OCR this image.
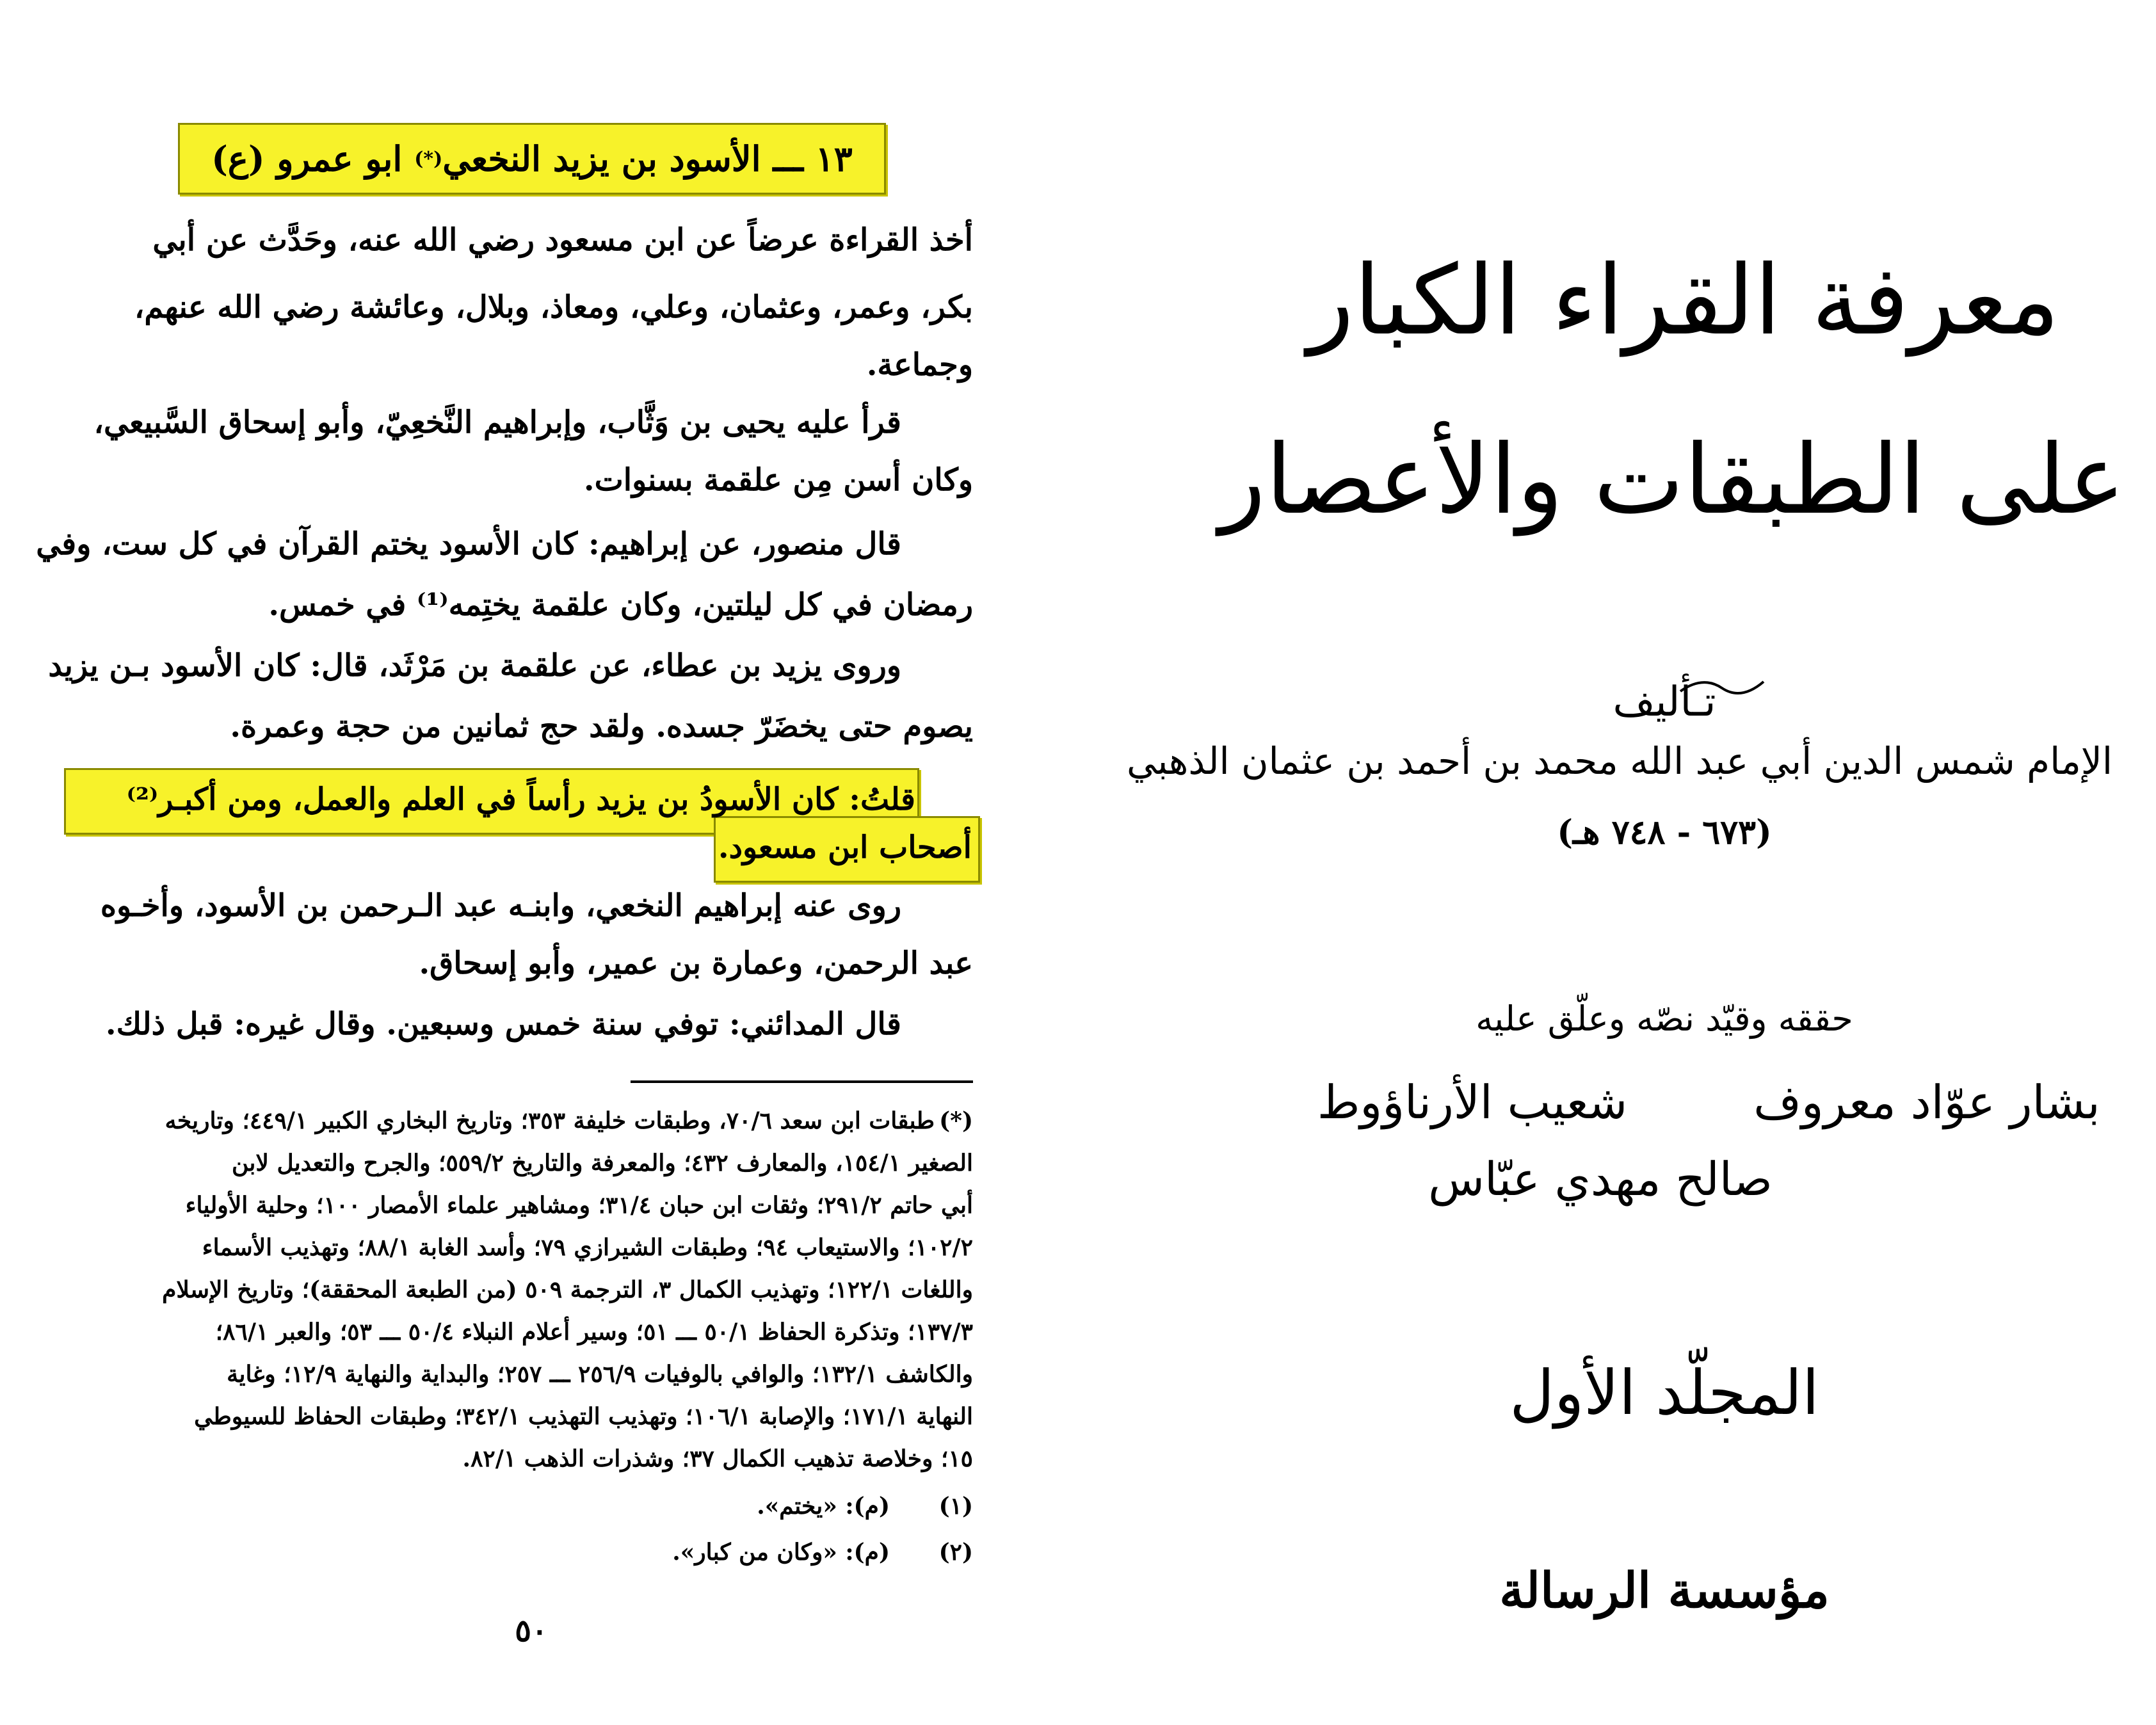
١٣

ـــ

الأسود بن يزيد النخعي
(*)

ابو عمرو (ع)
أخذ القراءة عرضاً عن ابن مسعود رضي الله عنه، وحَدَّث عن أبي
بكر، وعمر، وعثمان، وعلي، ومعاذ، وبلال، وعائشة رضي الله عنهم،
وجماعة.
قرأ عليه يحيى بن وَثَّاب، وإبراهيم النَّخعِيّ، وأبو إسحاق السَّبيعي،
وكان أسن مِن علقمة بسنوات.
قال منصور، عن إبراهيم: كان الأسود يختم القرآن في كل ست، وفي
رمضان في كل ليلتين، وكان علقمة يختِمه⁽¹⁾ في خمس.
وروى يزيد بن عطاء، عن علقمة بن مَرْثَد، قال: كان الأسود بـن يزيد
يصوم حتى يخضَرّ جسده. ولقد حج ثمانين من حجة وعمرة.
قلتُ: كان الأسودُ بن يزيد رأساً في العلم والعمل، ومن أكبـر⁽²⁾
أصحاب ابن مسعود.
روى عنه إبراهيم النخعي، وابنـه عبد الـرحمن بن الأسود، وأخـوه
عبد الرحمن، وعمارة بن عمير، وأبو إسحاق.
قال المدائني: توفي سنة خمس وسبعين. وقال غيره: قبل ذلك.
(*)
طبقات ابن سعد ٧٠/٦، وطبقات خليفة ٣٥٣؛ وتاريخ البخاري الكبير ٤٤٩/١؛ وتاريخه
الصغير ١٥٤/١، والمعارف ٤٣٢؛ والمعرفة والتاريخ ٥٥٩/٢؛ والجرح والتعديل لابن
أبي حاتم ٢٩١/٢؛ وثقات ابن حبان ٣١/٤؛ ومشاهير علماء الأمصار ١٠٠؛ وحلية الأولياء
١٠٢/٢؛ والاستيعاب ٩٤؛ وطبقات الشيرازي ٧٩؛ وأسد الغابة ٨٨/١؛ وتهذيب الأسماء
واللغات ١٢٢/١؛ وتهذيب الكمال ٣، الترجمة ٥٠٩ (من الطبعة المحققة)؛ وتاريخ الإسلام
١٣٧/٣؛ وتذكرة الحفاظ ٥٠/١ ـــ ٥١؛ وسير أعلام النبلاء ٥٠/٤ ـــ ٥٣؛ والعبر ٨٦/١؛
والكاشف ١٣٢/١؛ والوافي بالوفيات ٢٥٦/٩ ـــ ٢٥٧؛ والبداية والنهاية ١٢/٩؛ وغاية
النهاية ١٧١/١؛ والإصابة ١٠٦/١؛ وتهذيب التهذيب ٣٤٢/١؛ وطبقات الحفاظ للسيوطي
١٥؛ وخلاصة تذهيب الكمال ٣٧؛ وشذرات الذهب ٨٢/١.
(١)
(م): «يختم».
(٢)
(م): «وكان من كبار».
٥٠
معرفة القراء الكبار
على الطبقات والأعصار
تـأليف
الإمام شمس الدين أبي عبد الله محمد بن أحمد بن عثمان الذهبي
(٦٧٣ - ٧٤٨ هـ)
حققه وقيّد نصّه وعلّق عليه
بشار عوّاد معروف
شعيب الأرناؤوط
صالح مهدي عبّاس
المجلّد الأول
مؤسسة الرسالة
